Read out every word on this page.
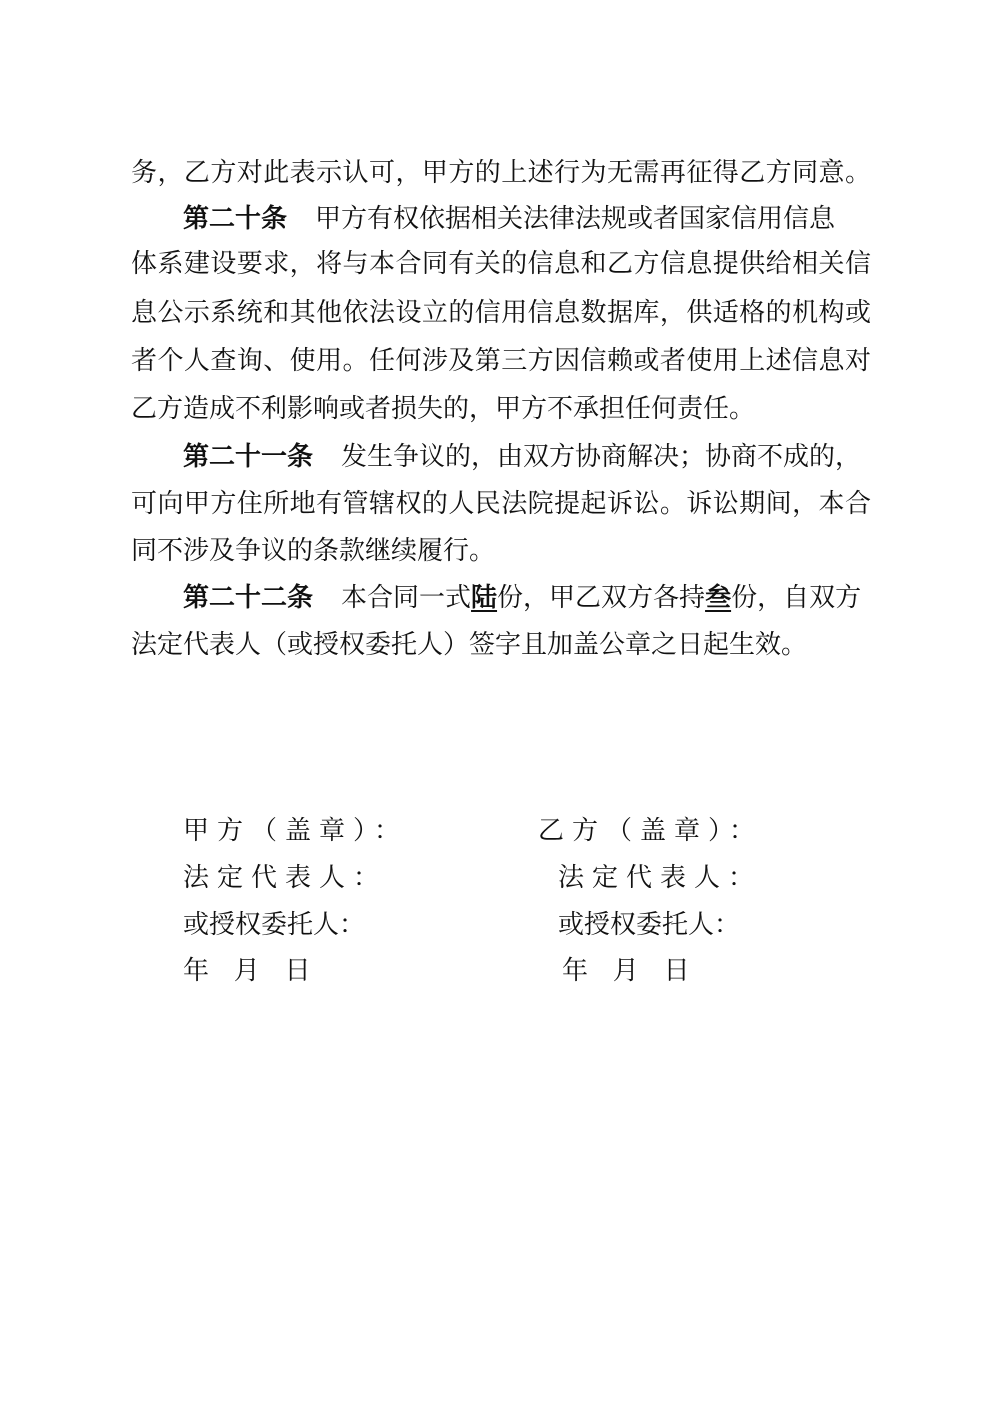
务，乙方对此表示认可，甲方的上述行为无需再征得乙方同意。
第二十条 甲方有权依据相关法律法规或者国家信用信息
体系建设要求，将与本合同有关的信息和乙方信息提供给相关信
息公示系统和其他依法设立的信用信息数据库，供适格的机构或
者个人查询、使用。任何涉及第三方因信赖或者使用上述信息对
乙方造成不利影响或者损失的，甲方不承担任何责任。
第二十一条 发生争议的，由双方协商解决；协商不成的，
可向甲方住所地有管辖权的人民法院提起诉讼。诉讼期间，本合
同不涉及争议的条款继续履行。
第二十二条 本合同一式陆份，甲乙双方各持叁份，自双方
法定代表人（或授权委托人）签字且加盖公章之日起生效。
甲方（盖章）：
法定代表人：
或授权委托人：
年   月   日
乙方（盖章）：
法定代表人：
或授权委托人：
年   月   日
